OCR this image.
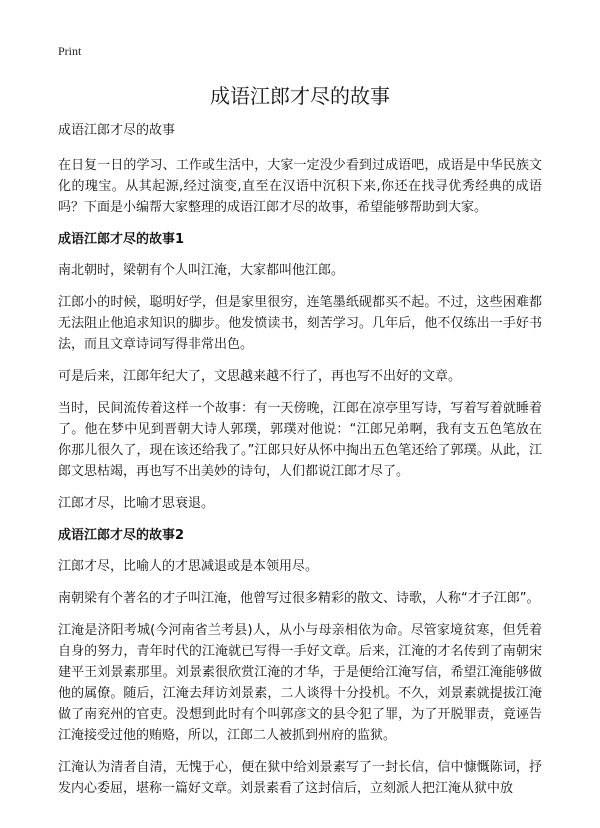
Print
成语江郎才尽的故事

成语江郎才尽的故事

在日复一日的学习、工作或生活中，大家一定没少看到过成语吧，成语是中华民族文化的瑰宝。从其起源,经过演变,直至在汉语中沉积下来,你还在找寻优秀经典的成语吗？下面是小编帮大家整理的成语江郎才尽的故事，希望能够帮助到大家。

成语江郎才尽的故事1

南北朝时，梁朝有个人叫江淹，大家都叫他江郎。

江郎小的时候，聪明好学，但是家里很穷，连笔墨纸砚都买不起。不过，这些困难都无法阻止他追求知识的脚步。他发愤读书，刻苦学习。几年后，他不仅练出一手好书法，而且文章诗词写得非常出色。

可是后来，江郎年纪大了，文思越来越不行了，再也写不出好的文章。

当时，民间流传着这样一个故事：有一天傍晚，江郎在凉亭里写诗，写着写着就睡着了。他在梦中见到晋朝大诗人郭璞，郭璞对他说：“江郎兄弟啊，我有支五色笔放在你那儿很久了，现在该还给我了。”江郎只好从怀中掏出五色笔还给了郭璞。从此，江郎文思枯竭，再也写不出美妙的诗句，人们都说江郎才尽了。

江郎才尽，比喻才思衰退。

成语江郎才尽的故事2

江郎才尽，比喻人的才思减退或是本领用尽。

南朝梁有个著名的才子叫江淹，他曾写过很多精彩的散文、诗歌，人称“才子江郎”。

江淹是济阳考城(今河南省兰考县)人，从小与母亲相依为命。尽管家境贫寒，但凭着自身的努力，青年时代的江淹就已写得一手好文章。后来，江淹的才名传到了南朝宋建平王刘景素那里。刘景素很欣赏江淹的才华，于是便给江淹写信，希望江淹能够做他的属僚。随后，江淹去拜访刘景素，二人谈得十分投机。不久，刘景素就提拔江淹做了南兖州的官吏。没想到此时有个叫郭彦文的县令犯了罪，为了开脱罪责，竟诬告江淹接受过他的贿赂，所以，江郎二人被抓到州府的监狱。

江淹认为清者自清，无愧于心，便在狱中给刘景素写了一封长信，信中慷慨陈词，抒发内心委屈，堪称一篇好文章。刘景素看了这封信后，立刻派人把江淹从狱中放
